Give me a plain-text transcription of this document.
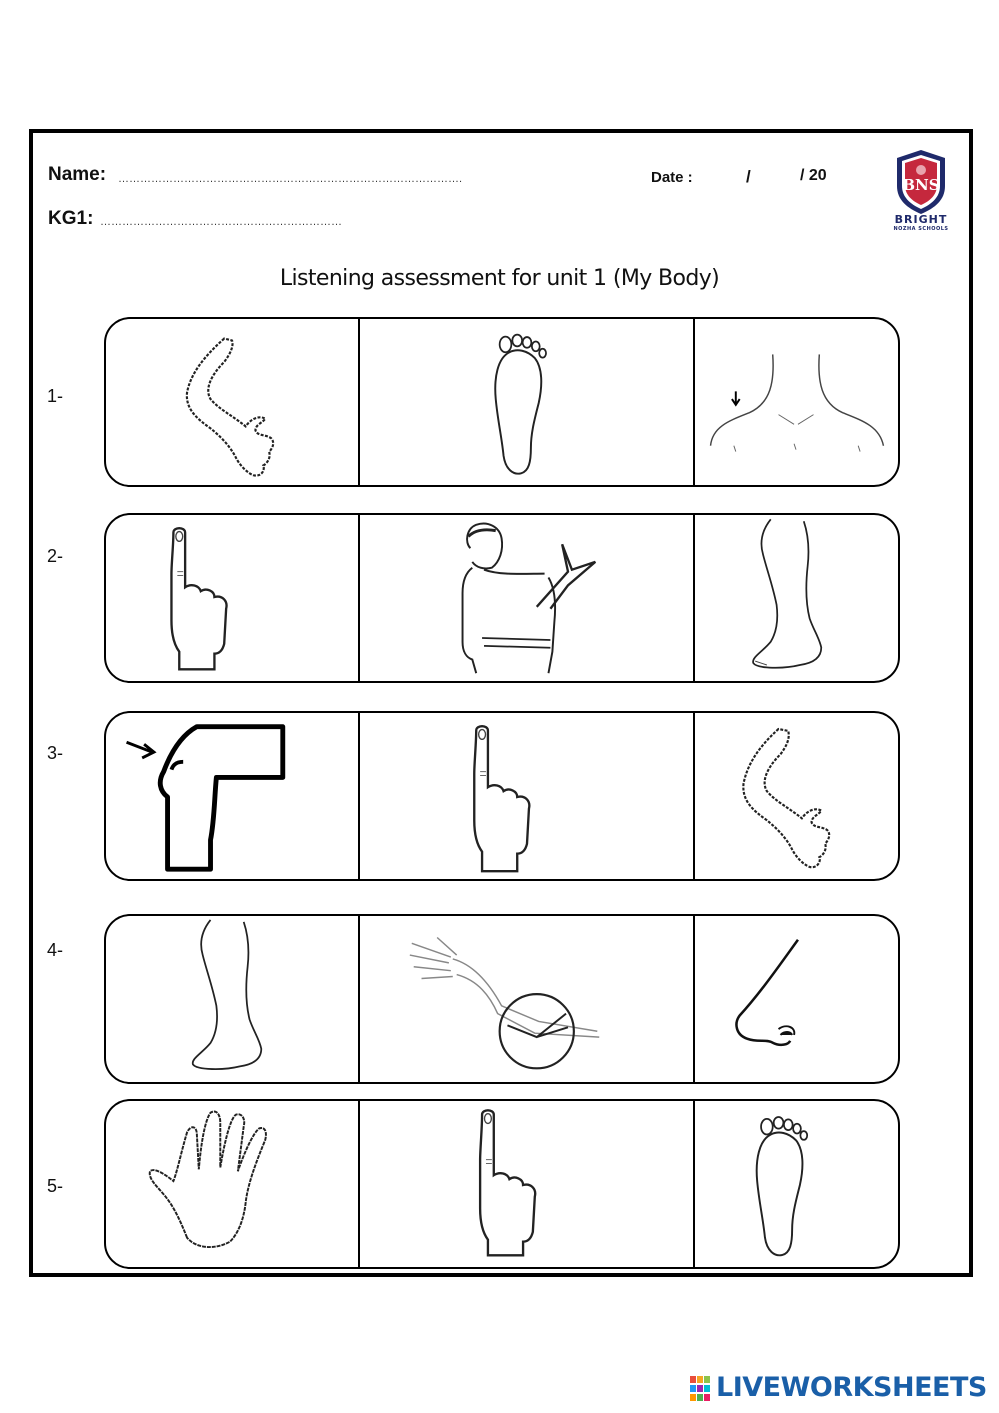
Name: ………………………………………………………………………………….
KG1: …………………………………………………………
Date :	/	/ 20
BNS
BRIGHT
NOZHA SCHOOLS
Listening assessment for unit 1 (My Body)
1-
2-
3-
4-
5-
LIVEWORKSHEETS
